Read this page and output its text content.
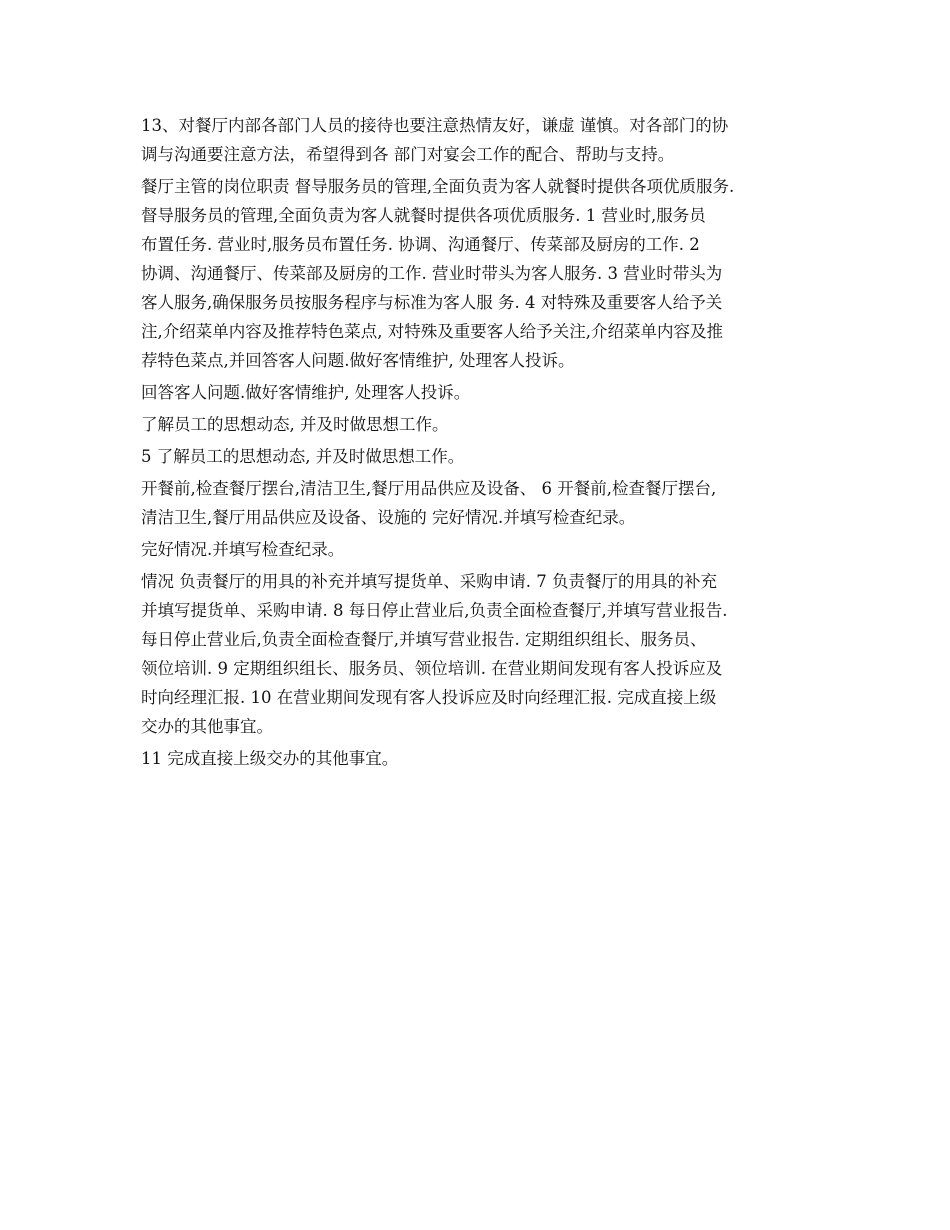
13、对餐厅内部各部门人员的接待也要注意热情友好，谦虚 谨慎。对各部门的协
调与沟通要注意方法，希望得到各 部门对宴会工作的配合、帮助与支持。
餐厅主管的岗位职责 督导服务员的管理,全面负责为客人就餐时提供各项优质服务.
督导服务员的管理,全面负责为客人就餐时提供各项优质服务. 1 营业时,服务员
布置任务. 营业时,服务员布置任务. 协调、沟通餐厅、传菜部及厨房的工作. 2
协调、沟通餐厅、传菜部及厨房的工作. 营业时带头为客人服务. 3 营业时带头为
客人服务,确保服务员按服务程序与标准为客人服 务. 4 对特殊及重要客人给予关
注,介绍菜单内容及推荐特色菜点, 对特殊及重要客人给予关注,介绍菜单内容及推
荐特色菜点,并回答客人问题.做好客情维护, 处理客人投诉。
回答客人问题.做好客情维护, 处理客人投诉。
了解员工的思想动态, 并及时做思想工作。
5 了解员工的思想动态, 并及时做思想工作。
开餐前,检查餐厅摆台,清洁卫生,餐厅用品供应及设备、 6 开餐前,检查餐厅摆台,
清洁卫生,餐厅用品供应及设备、设施的 完好情况.并填写检查纪录。
完好情况.并填写检查纪录。
情况 负责餐厅的用具的补充并填写提货单、采购申请. 7 负责餐厅的用具的补充
并填写提货单、采购申请. 8 每日停止营业后,负责全面检查餐厅,并填写营业报告.
每日停止营业后,负责全面检查餐厅,并填写营业报告. 定期组织组长、服务员、
领位培训. 9 定期组织组长、服务员、领位培训. 在营业期间发现有客人投诉应及
时向经理汇报. 10 在营业期间发现有客人投诉应及时向经理汇报. 完成直接上级
交办的其他事宜。
11 完成直接上级交办的其他事宜。
